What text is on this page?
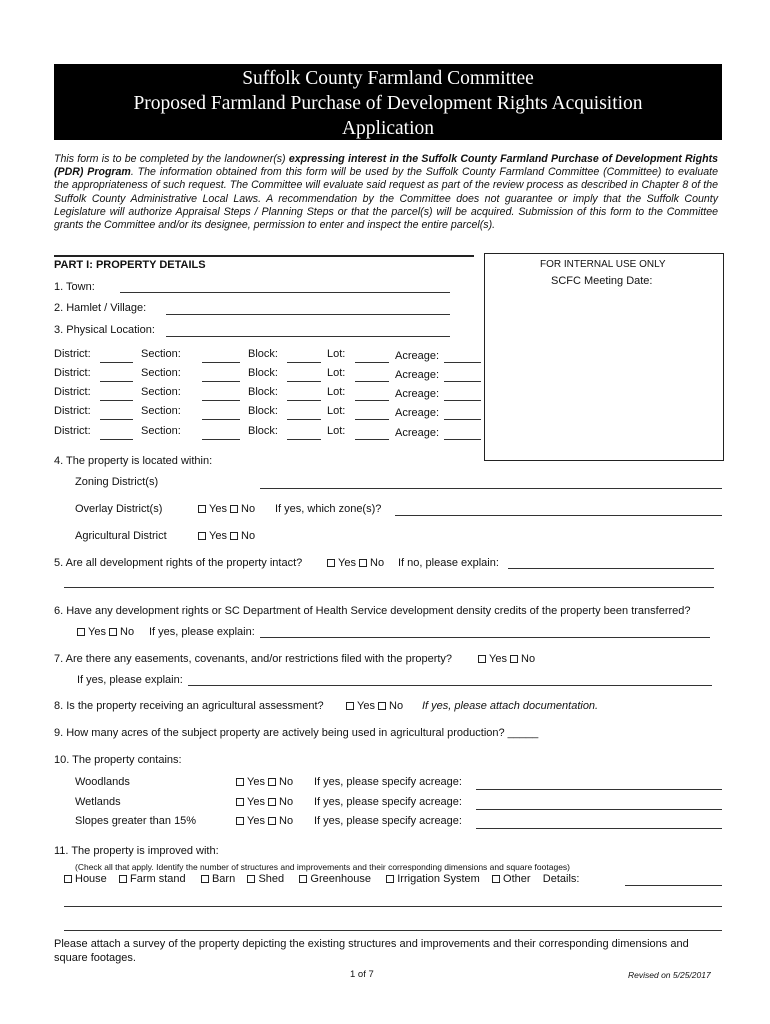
Suffolk County Farmland Committee
Proposed Farmland Purchase of Development Rights Acquisition
Application
This form is to be completed by the landowner(s) expressing interest in the Suffolk County Farmland Purchase of Development Rights (PDR) Program. The information obtained from this form will be used by the Suffolk County Farmland Committee (Committee) to evaluate the appropriateness of such request. The Committee will evaluate said request as part of the review process as described in Chapter 8 of the Suffolk County Administrative Local Laws. A recommendation by the Committee does not guarantee or imply that the Suffolk County Legislature will authorize Appraisal Steps / Planning Steps or that the parcel(s) will be acquired. Submission of this form to the Committee grants the Committee and/or its designee, permission to enter and inspect the entire parcel(s).
PART I: PROPERTY DETAILS	FOR INTERNAL USE ONLY
SCFC Meeting Date:
1. Town:
2. Hamlet / Village:
3. Physical Location:
District:	Section:	Block:	Lot:	Acreage:
District:	Section:	Block:	Lot:	Acreage:
District:	Section:	Block:	Lot:	Acreage:
District:	Section:	Block:	Lot:	Acreage:
District:	Section:	Block:	Lot:	Acreage:
4. The property is located within:
Zoning District(s)
Overlay District(s)	Yes No If yes, which zone(s)?
Agricultural District	Yes No
5. Are all development rights of the property intact?	Yes No If no, please explain:
6. Have any development rights or SC Department of Health Service development density credits of the property been transferred?
Yes No If yes, please explain:
7. Are there any easements, covenants, and/or restrictions filed with the property?	Yes No
If yes, please explain:
8. Is the property receiving an agricultural assessment?	Yes No If yes, please attach documentation.
9. How many acres of the subject property are actively being used in agricultural production? _____
10. The property contains:
Woodlands	Yes No If yes, please specify acreage:
Wetlands	Yes No If yes, please specify acreage:
Slopes greater than 15%	Yes No If yes, please specify acreage:
11. The property is improved with:
(Check all that apply. Identify the number of structures and improvements and their corresponding dimensions and square footages)
House Farm stand Barn Shed Greenhouse Irrigation System Other Details:
Please attach a survey of the property depicting the existing structures and improvements and their corresponding dimensions and square footages.
1 of 7	Revised on 5/25/2017
